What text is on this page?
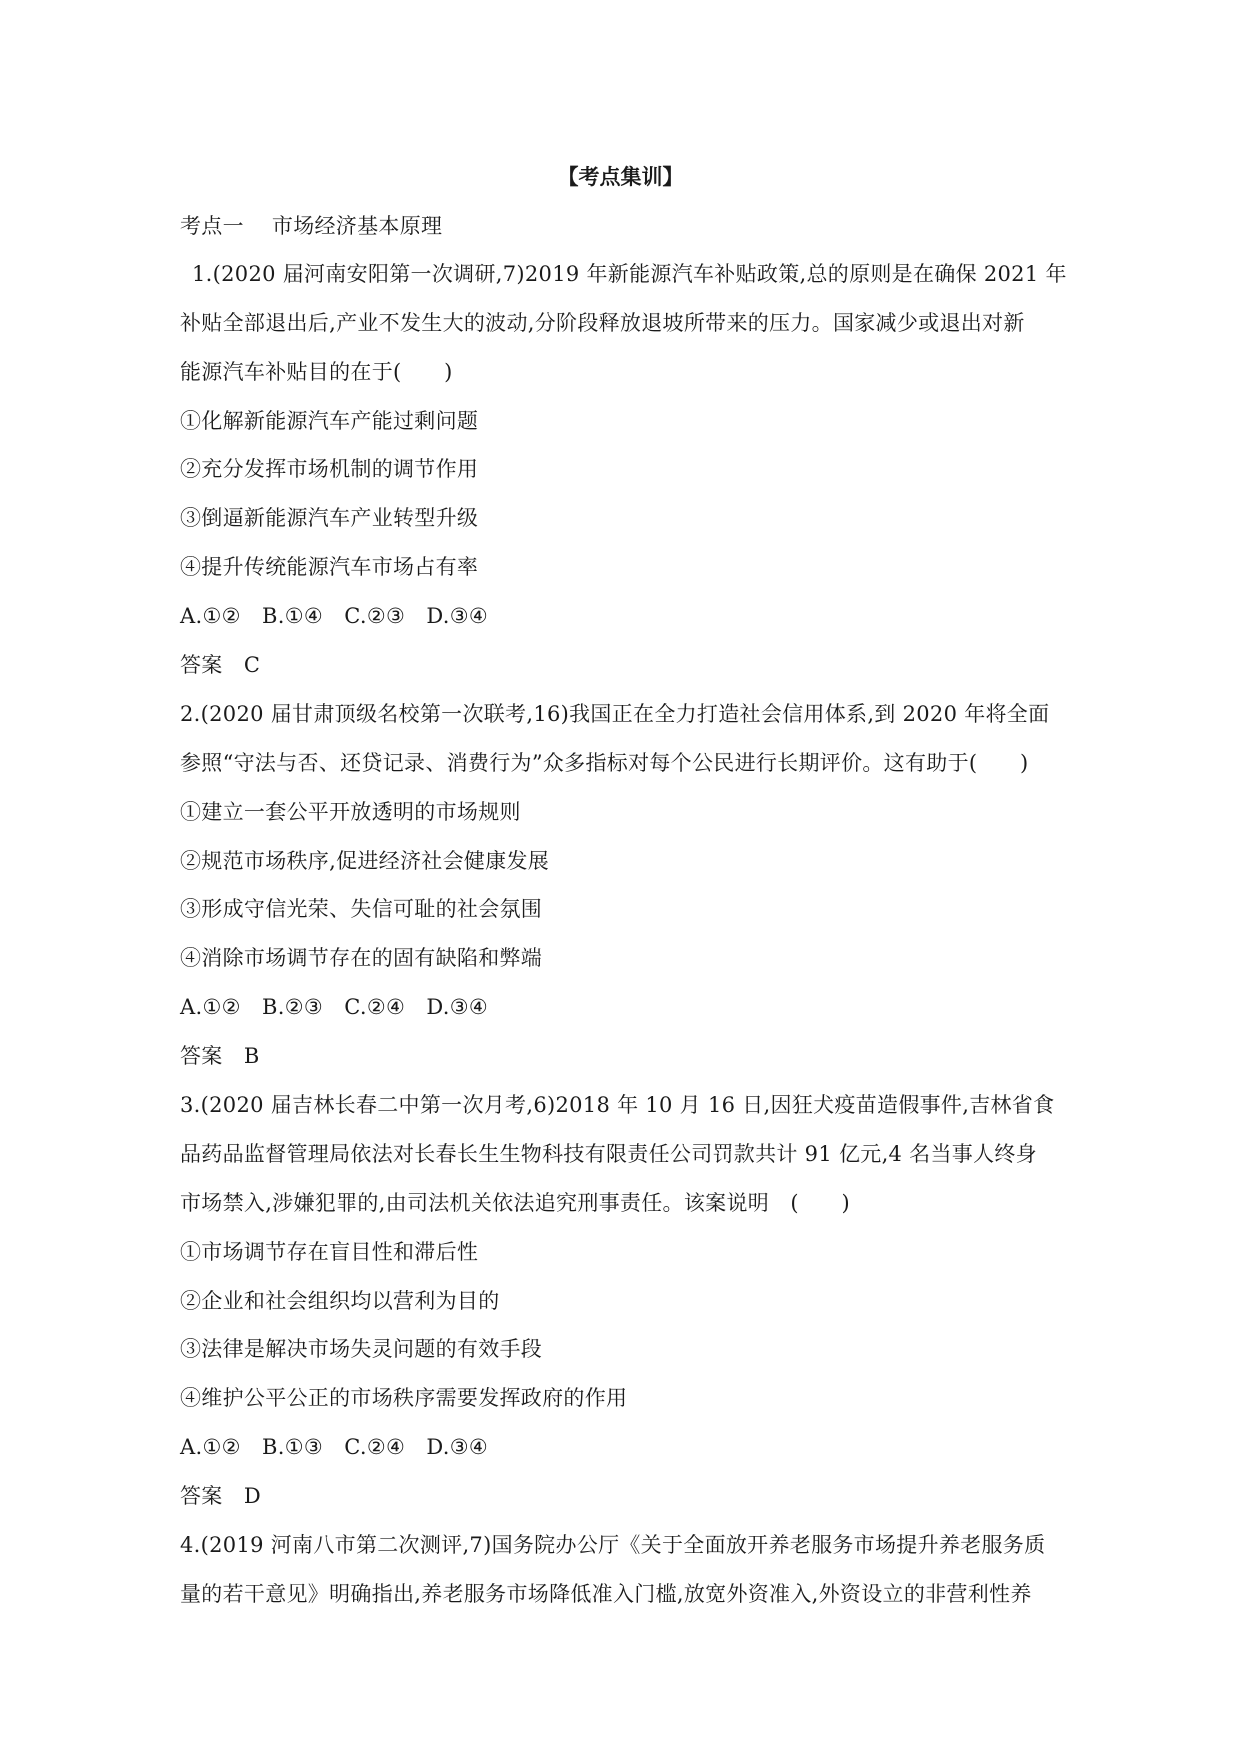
【考点集训】
考点一 市场经济基本原理
1.(2020 届河南安阳第一次调研,7)2019 年新能源汽车补贴政策,总的原则是在确保 2021 年
补贴全部退出后,产业不发生大的波动,分阶段释放退坡所带来的压力。国家减少或退出对新
能源汽车补贴目的在于(　　)
①化解新能源汽车产能过剩问题
②充分发挥市场机制的调节作用
③倒逼新能源汽车产业转型升级
④提升传统能源汽车市场占有率
A.①②　B.①④　C.②③　D.③④
答案　C
2.(2020 届甘肃顶级名校第一次联考,16)我国正在全力打造社会信用体系,到 2020 年将全面
参照“守法与否、还贷记录、消费行为”众多指标对每个公民进行长期评价。这有助于(　　)
①建立一套公平开放透明的市场规则
②规范市场秩序,促进经济社会健康发展
③形成守信光荣、失信可耻的社会氛围
④消除市场调节存在的固有缺陷和弊端
A.①②　B.②③　C.②④　D.③④
答案　B
3.(2020 届吉林长春二中第一次月考,6)2018 年 10 月 16 日,因狂犬疫苗造假事件,吉林省食
品药品监督管理局依法对长春长生生物科技有限责任公司罚款共计 91 亿元,4 名当事人终身
市场禁入,涉嫌犯罪的,由司法机关依法追究刑事责任。该案说明　(　　)
①市场调节存在盲目性和滞后性
②企业和社会组织均以营利为目的
③法律是解决市场失灵问题的有效手段
④维护公平公正的市场秩序需要发挥政府的作用
A.①②　B.①③　C.②④　D.③④
答案　D
4.(2019 河南八市第二次测评,7)国务院办公厅《关于全面放开养老服务市场提升养老服务质
量的若干意见》明确指出,养老服务市场降低准入门槛,放宽外资准入,外资设立的非营利性养
